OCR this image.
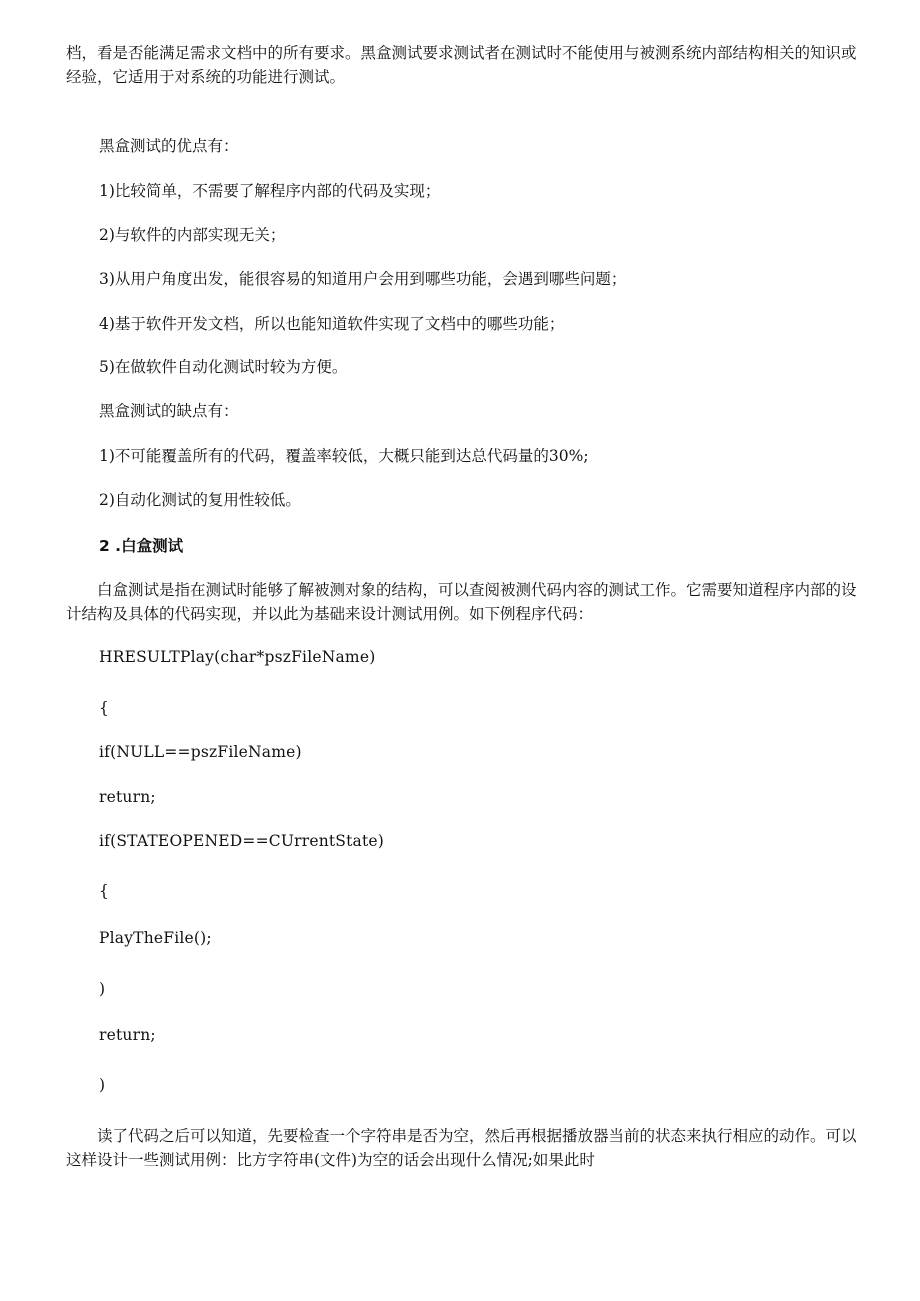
档，看是否能满足需求文档中的所有要求。黑盒测试要求测试者在测试时不能使用与被测系统内部结构相关的知识或经验，它适用于对系统的功能进行测试。

黑盒测试的优点有：

1)比较简单，不需要了解程序内部的代码及实现；

2)与软件的内部实现无关；

3)从用户角度出发，能很容易的知道用户会用到哪些功能，会遇到哪些问题；

4)基于软件开发文档，所以也能知道软件实现了文档中的哪些功能；

5)在做软件自动化测试时较为方便。

黑盒测试的缺点有：

1)不可能覆盖所有的代码，覆盖率较低，大概只能到达总代码量的30%;

2)自动化测试的复用性较低。

2 .白盒测试

白盒测试是指在测试时能够了解被测对象的结构，可以查阅被测代码内容的测试工作。它需要知道程序内部的设计结构及具体的代码实现，并以此为基础来设计测试用例。如下例程序代码：

HRESULTPlay(char*pszFileName)

{

if(NULL==pszFileName)

return;

if(STATEOPENED==CUrrentState)

{

PlayTheFile();

)

return;

)

读了代码之后可以知道，先要检查一个字符串是否为空，然后再根据播放器当前的状态来执行相应的动作。可以这样设计一些测试用例：比方字符串(文件)为空的话会出现什么情况;如果此时
